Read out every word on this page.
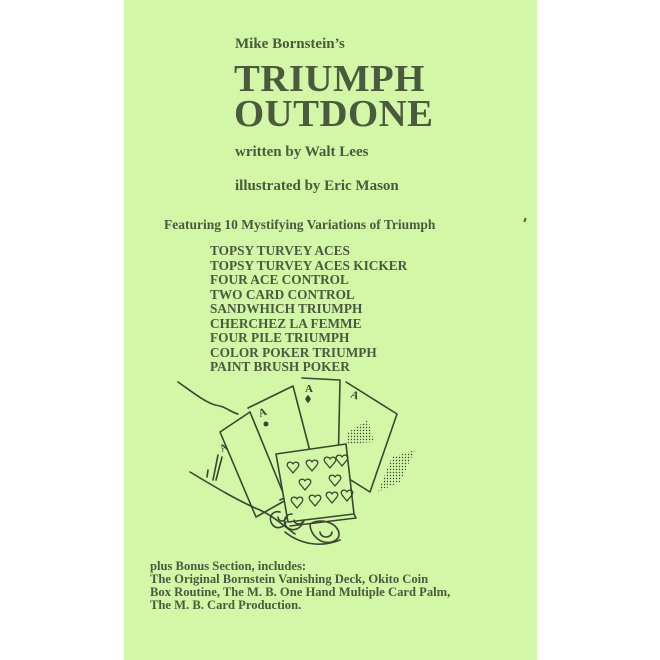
Mike Bornstein’s

TRIUMPH

OUTDONE

written by Walt Lees

illustrated by Eric Mason

Featuring 10 Mystifying Variations of Triumph

TOPSY TURVEY ACES
TOPSY TURVEY ACES KICKER
FOUR ACE CONTROL
TWO CARD CONTROL
SANDWHICH TRIUMPH
CHERCHEZ LA FEMME
FOUR PILE TRIUMPH
COLOR POKER TRIUMPH
PAINT BRUSH POKER
A
A
A	A
plus Bonus Section, includes:
The Original Bornstein Vanishing Deck, Okito Coin
Box Routine, The M. B. One Hand Multiple Card Palm,
The M. B. Card Production.
